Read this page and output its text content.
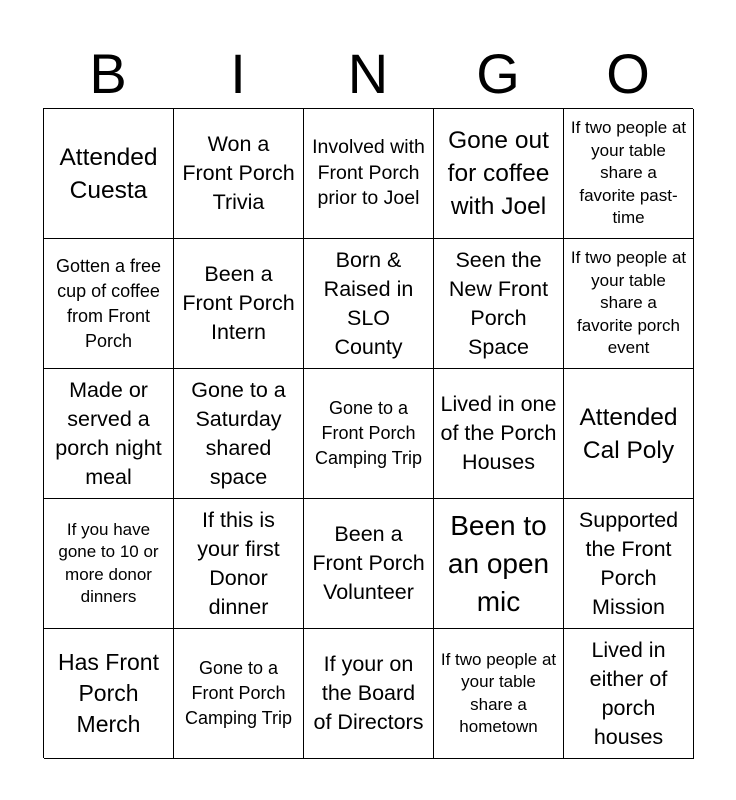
B	I	N	G	O
Attended Cuesta
Won a Front Porch Trivia
Involved with Front Porch prior to Joel
Gone out for coffee with Joel
If two people at your table share a favorite past-time
Gotten a free cup of coffee from Front Porch
Been a Front Porch Intern
Born & Raised in SLO County
Seen the New Front Porch Space
If two people at your table share a favorite porch event
Made or served a porch night meal
Gone to a Saturday shared space
Gone to a Front Porch Camping Trip
Lived in one of the Porch Houses
Attended Cal Poly
If you have gone to 10 or more donor dinners
If this is your first Donor dinner
Been a Front Porch Volunteer
Been to an open mic
Supported the Front Porch Mission
Has Front Porch Merch
Gone to a Front Porch Camping Trip
If your on the Board of Directors
If two people at your table share a hometown
Lived in either of porch houses
